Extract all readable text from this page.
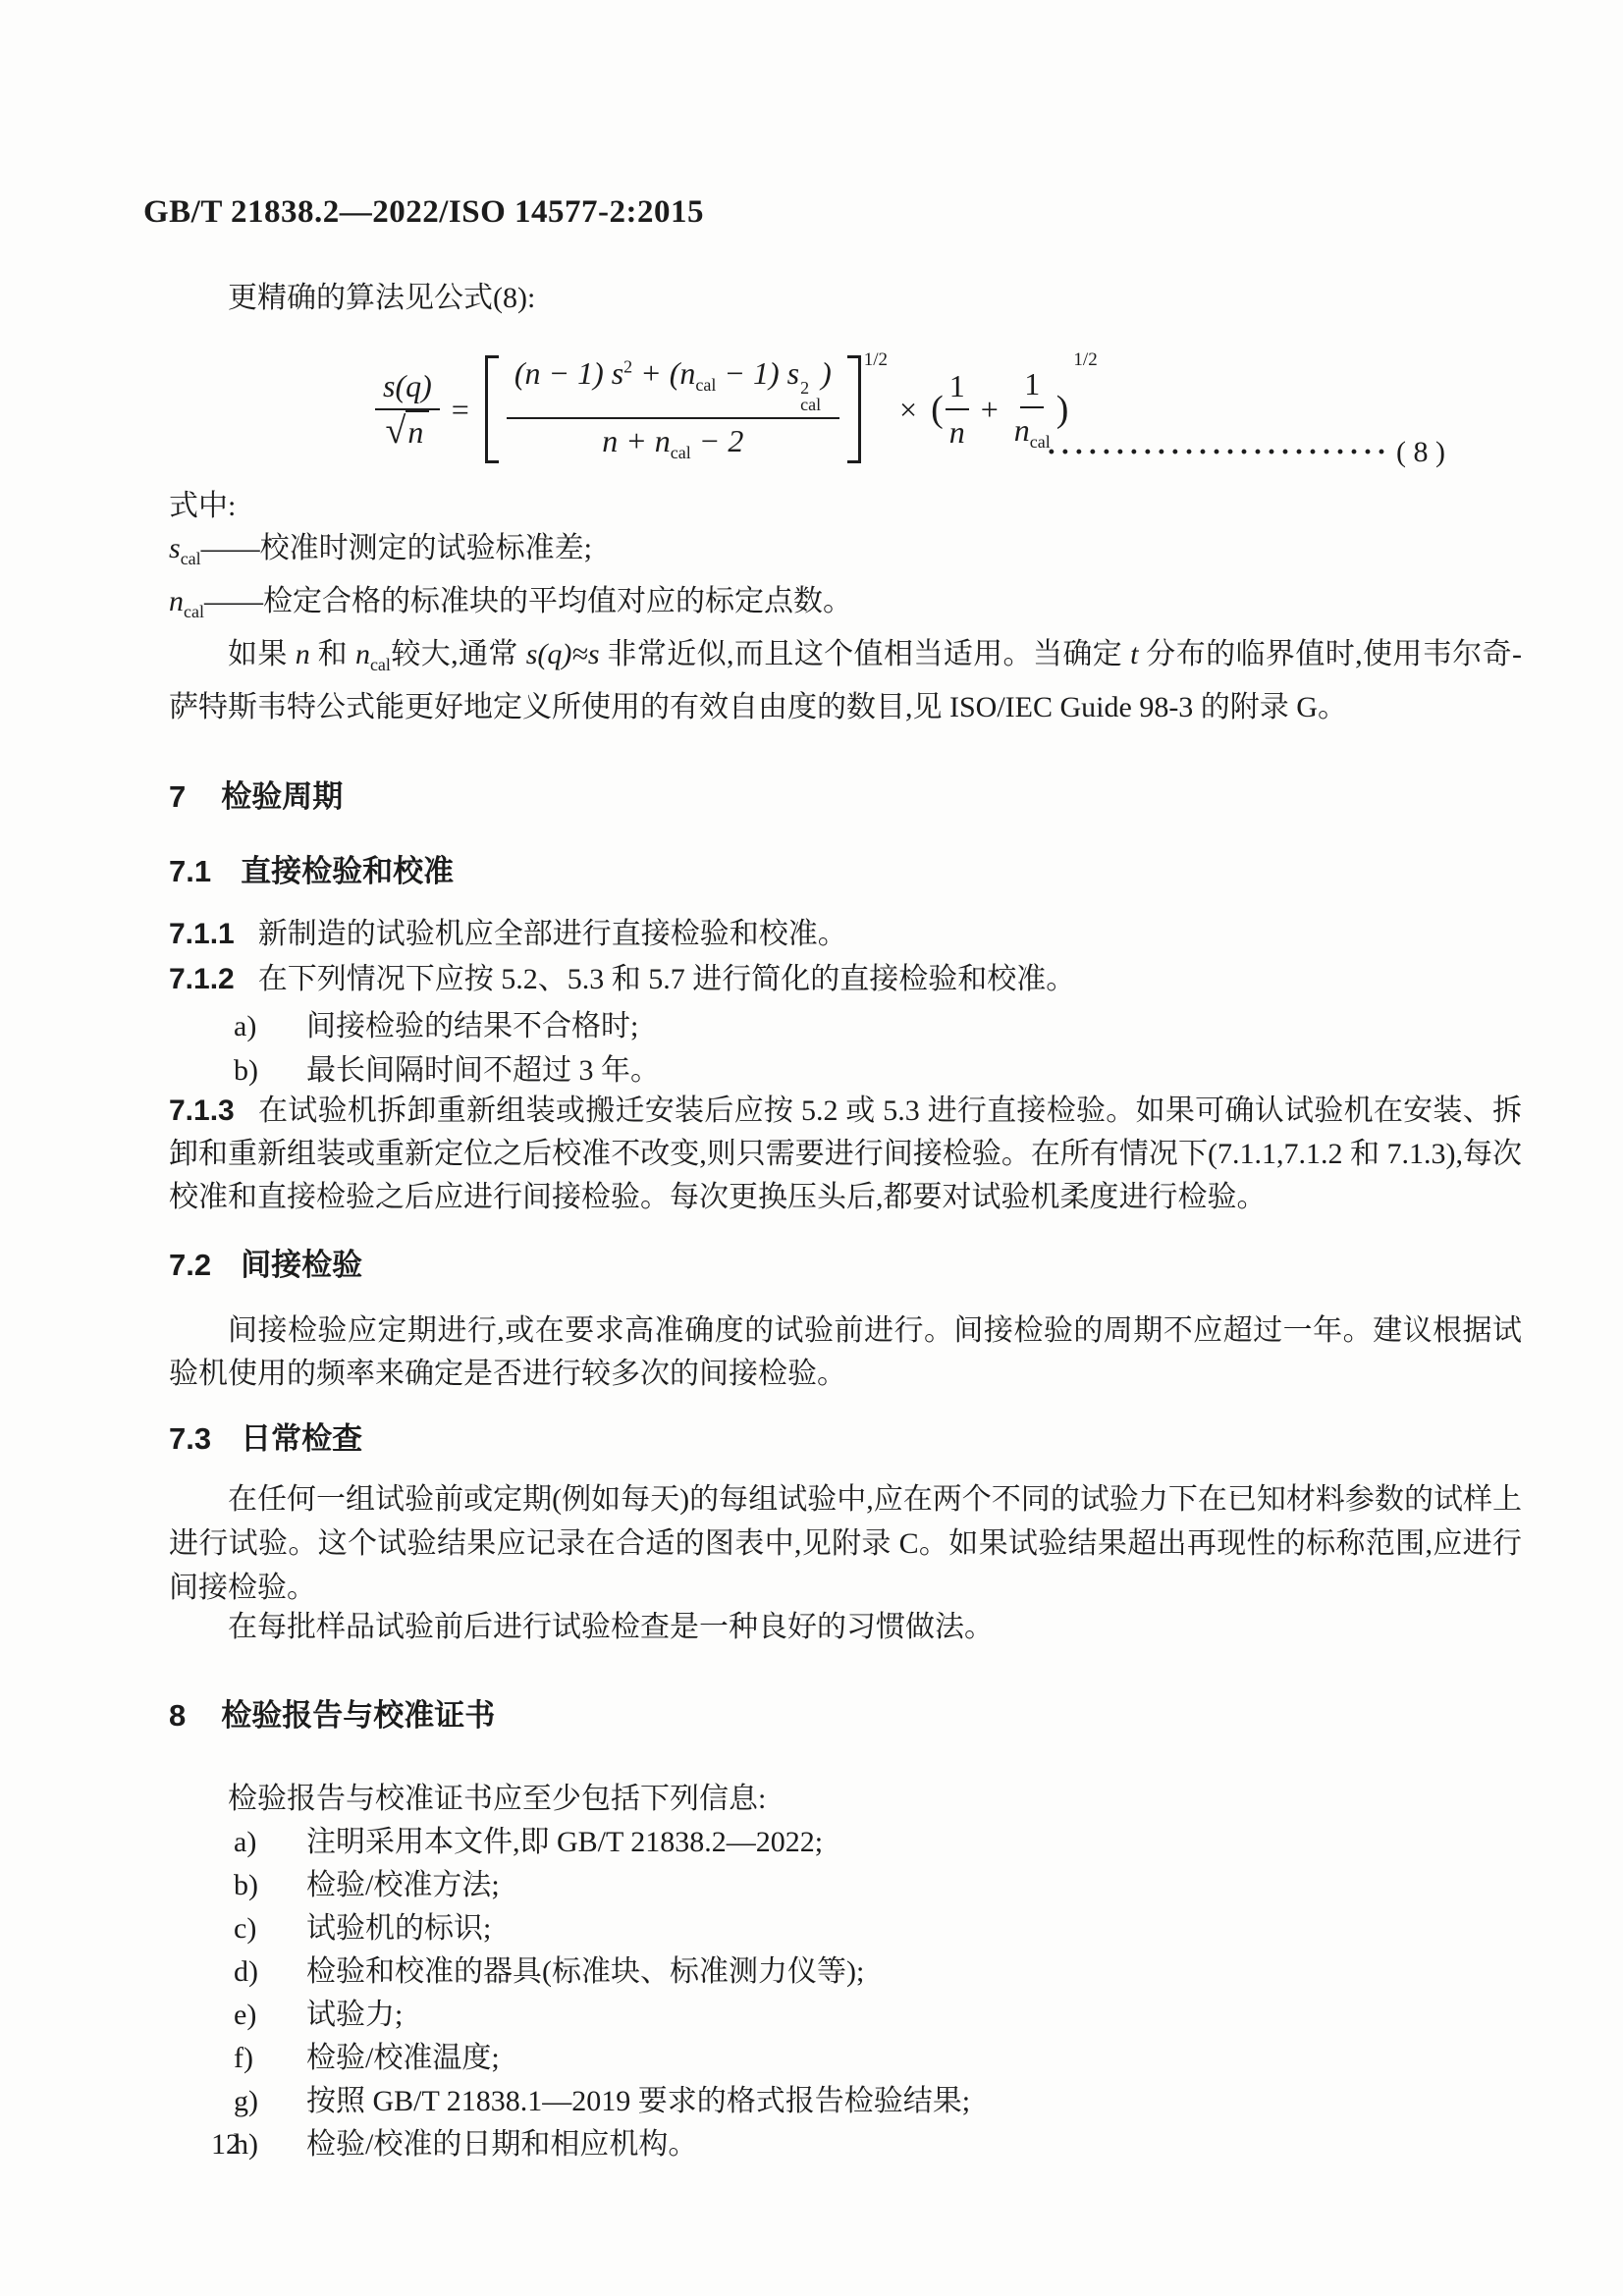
GB/T 21838.2—2022/ISO 14577-2:2015

更精确的算法见公式(8):

$\frac{s(q)}{√n} = (n - 1) s^2 + (n_{cal} - 1)$ s 2
cal
)
$n + n_{cal} - 2$ 1/2
× ( $\frac{1}{n} + \frac{1}{n_{cal}}$ )
1/2
························· ( 8 )
式中:
$s_{cal}——$校准时测定的试验标准差;
$n_{cal}——$检定合格的标准块的平均值对应的标定点数。

如果 n 和 $n_{cal}$较大,通常 s(q)≈s 非常近似,而且这个值相当适用。当确定 t 分布的临界值时,使用韦尔奇-萨特斯韦特公式能更好地定义所使用的有效自由度的数目,见 ISO/IEC Guide 98-3 的附录 G。

7 检验周期
7.1 直接检验和校准
7.1.1 新制造的试验机应全部进行直接检验和校准。
7.1.2 在下列情况下应按 5.2、5.3 和 5.7 进行简化的直接检验和校准。
a) 间接检验的结果不合格时;
b) 最长间隔时间不超过 3 年。
7.1.3 在试验机拆卸重新组装或搬迁安装后应按 5.2 或 5.3 进行直接检验。如果可确认试验机在安装、拆卸和重新组装或重新定位之后校准不改变,则只需要进行间接检验。在所有情况下(7.1.1,7.1.2 和 7.1.3),每次校准和直接检验之后应进行间接检验。每次更换压头后,都要对试验机柔度进行检验。
7.2 间接检验

间接检验应定期进行,或在要求高准确度的试验前进行。间接检验的周期不应超过一年。建议根据试验机使用的频率来确定是否进行较多次的间接检验。

7.3 日常检查

在任何一组试验前或定期(例如每天)的每组试验中,应在两个不同的试验力下在已知材料参数的试样上进行试验。这个试验结果应记录在合适的图表中,见附录 C。如果试验结果超出再现性的标称范围,应进行间接检验。

在每批样品试验前后进行试验检查是一种良好的习惯做法。

8 检验报告与校准证书

检验报告与校准证书应至少包括下列信息:

a) 注明采用本文件,即 GB/T 21838.2—2022;
b) 检验/校准方法;
c) 试验机的标识;
d) 检验和校准的器具(标准块、标准测力仪等);
e) 试验力;
f) 检验/校准温度;
g) 按照 GB/T 21838.1—2019 要求的格式报告检验结果;
h) 检验/校准的日期和相应机构。
12
